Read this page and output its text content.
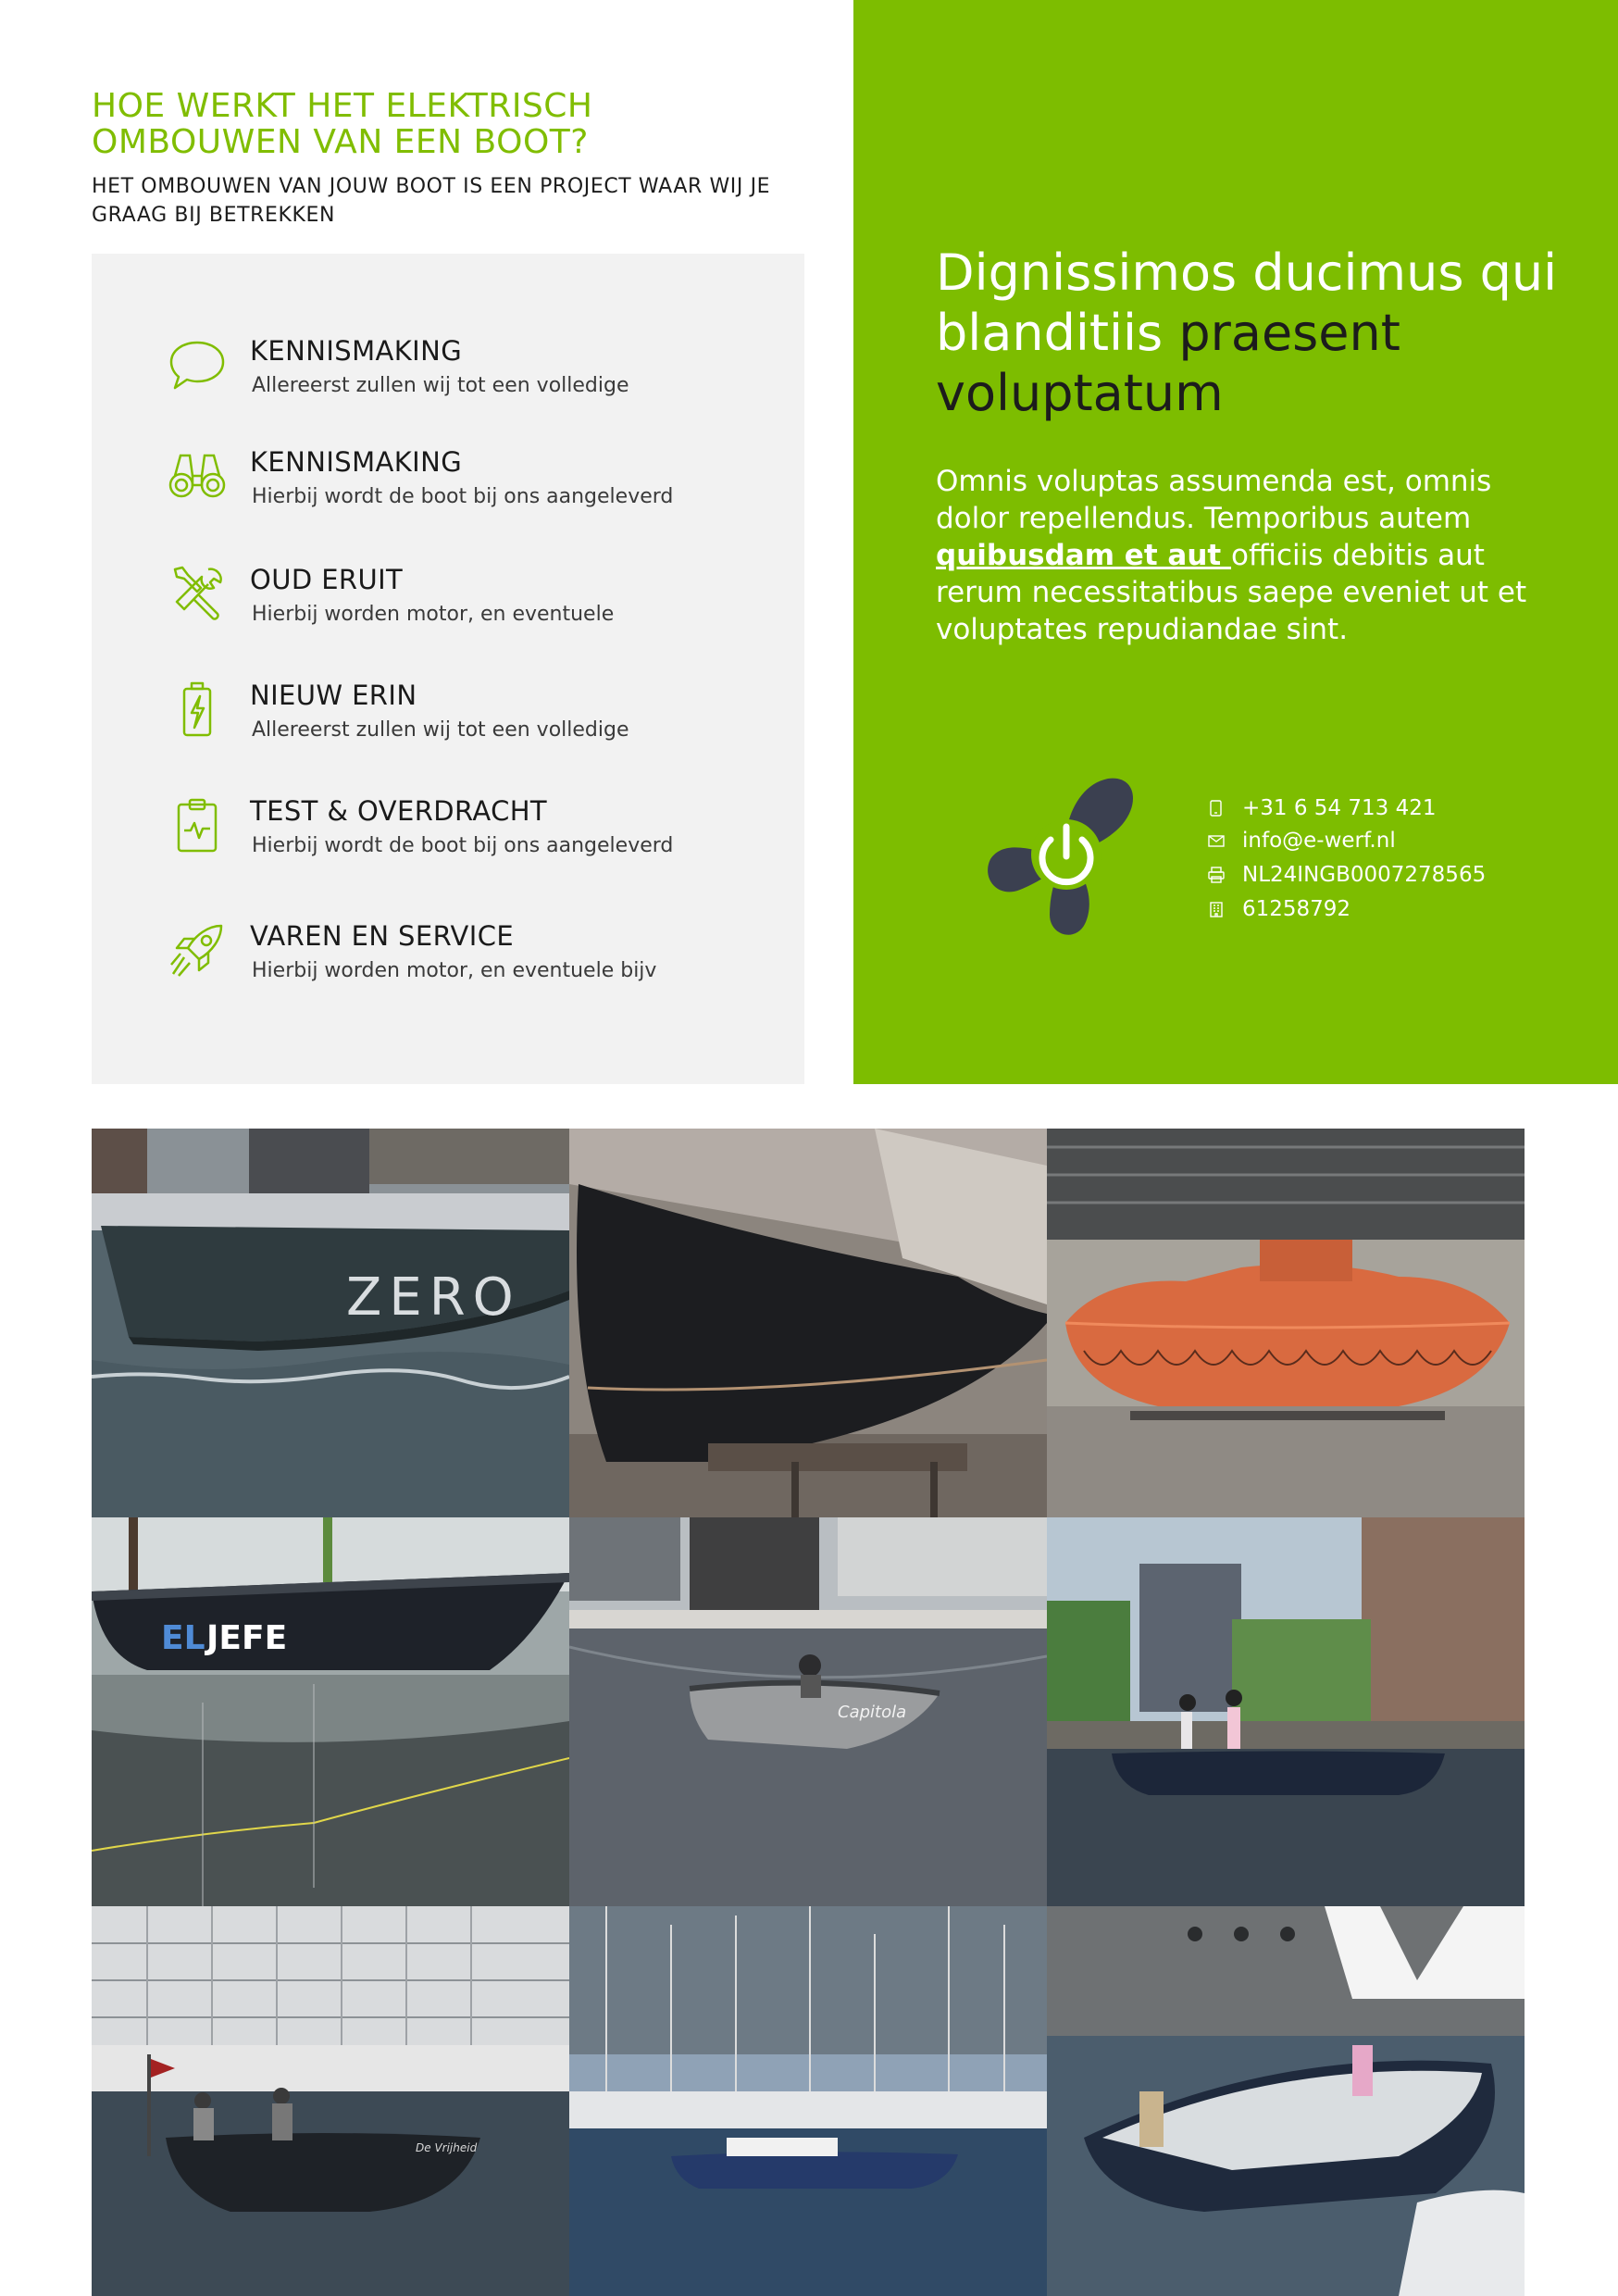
HOE WERKT HET ELEKTRISCH OMBOUWEN VAN EEN BOOT?

HET OMBOUWEN VAN JOUW BOOT IS EEN PROJECT WAAR WIJ JE GRAAG BIJ BETREKKEN

KENNISMAKING
Allereerst zullen wij tot een volledige
KENNISMAKING
Hierbij wordt de boot bij ons aangeleverd
OUD ERUIT
Hierbij worden motor, en eventuele
NIEUW ERIN
Allereerst zullen wij tot een volledige
TEST & OVERDRACHT
Hierbij wordt de boot bij ons aangeleverd
VAREN EN SERVICE
Hierbij worden motor, en eventuele bijv
Dignissimos ducimus qui blanditiis praesent voluptatum

Omnis voluptas assumenda est, omnis dolor repellendus. Temporibus autem quibusdam et aut officiis debitis aut rerum necessitatibus saepe eveniet ut et voluptates repudiandae sint.

+31 6 54 713 421
info@e-werf.nl
NL24INGB0007278565
61258792
ZERO
EL JEFE
Capitola
De Vrijheid
